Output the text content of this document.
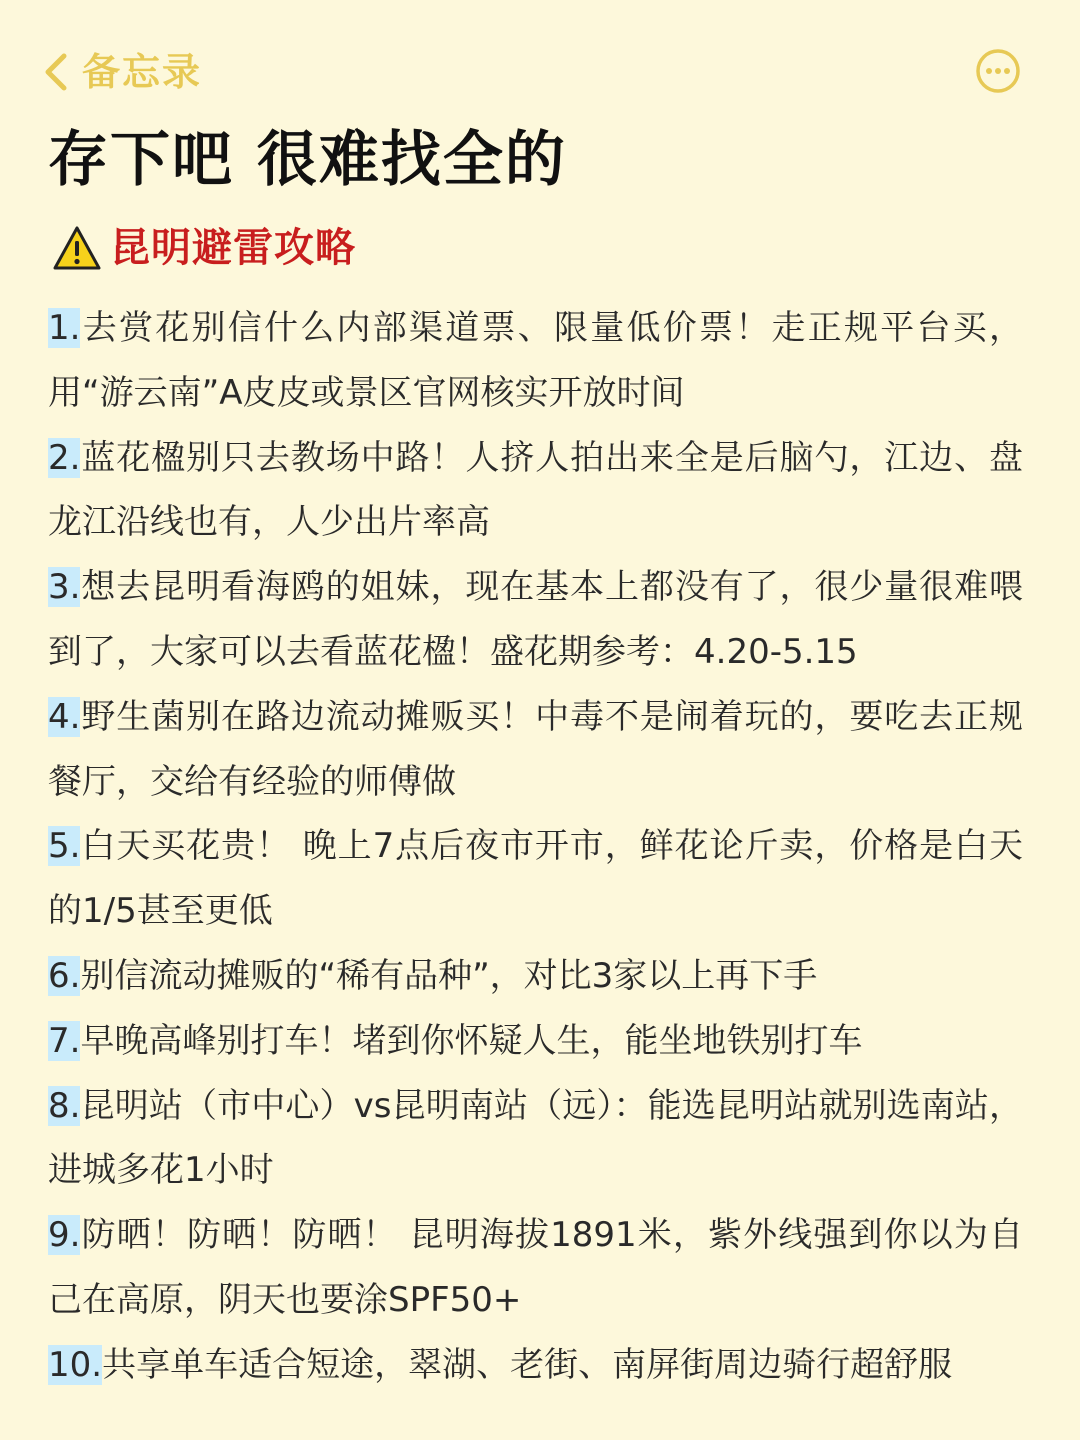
备忘录
存下吧 很难找全的
昆明避雷攻略

1.去赏花别信什么内部渠道票、限量低价票！走正规平台买，用“游云南”A皮皮或景区官网核实开放时间

2.蓝花楹别只去教场中路！人挤人拍出来全是后脑勺，江边、盘龙江沿线也有，人少出片率高

3.想去昆明看海鸥的姐妹，现在基本上都没有了，很少量很难喂到了，大家可以去看蓝花楹！盛花期参考：4.20-5.15

4.野生菌别在路边流动摊贩买！中毒不是闹着玩的，要吃去正规餐厅，交给有经验的师傅做

5.白天买花贵！ 晚上7点后夜市开市，鲜花论斤卖，价格是白天的1/5甚至更低

6.别信流动摊贩的“稀有品种”，对比3家以上再下手

7.早晚高峰别打车！堵到你怀疑人生，能坐地铁别打车

8.昆明站（市中心）vs昆明南站（远）：能选昆明站就别选南站，进城多花1小时

9.防晒！防晒！防晒！ 昆明海拔1891米，紫外线强到你以为自己在高原，阴天也要涂SPF50+

10.共享单车适合短途，翠湖、老街、南屏街周边骑行超舒服
